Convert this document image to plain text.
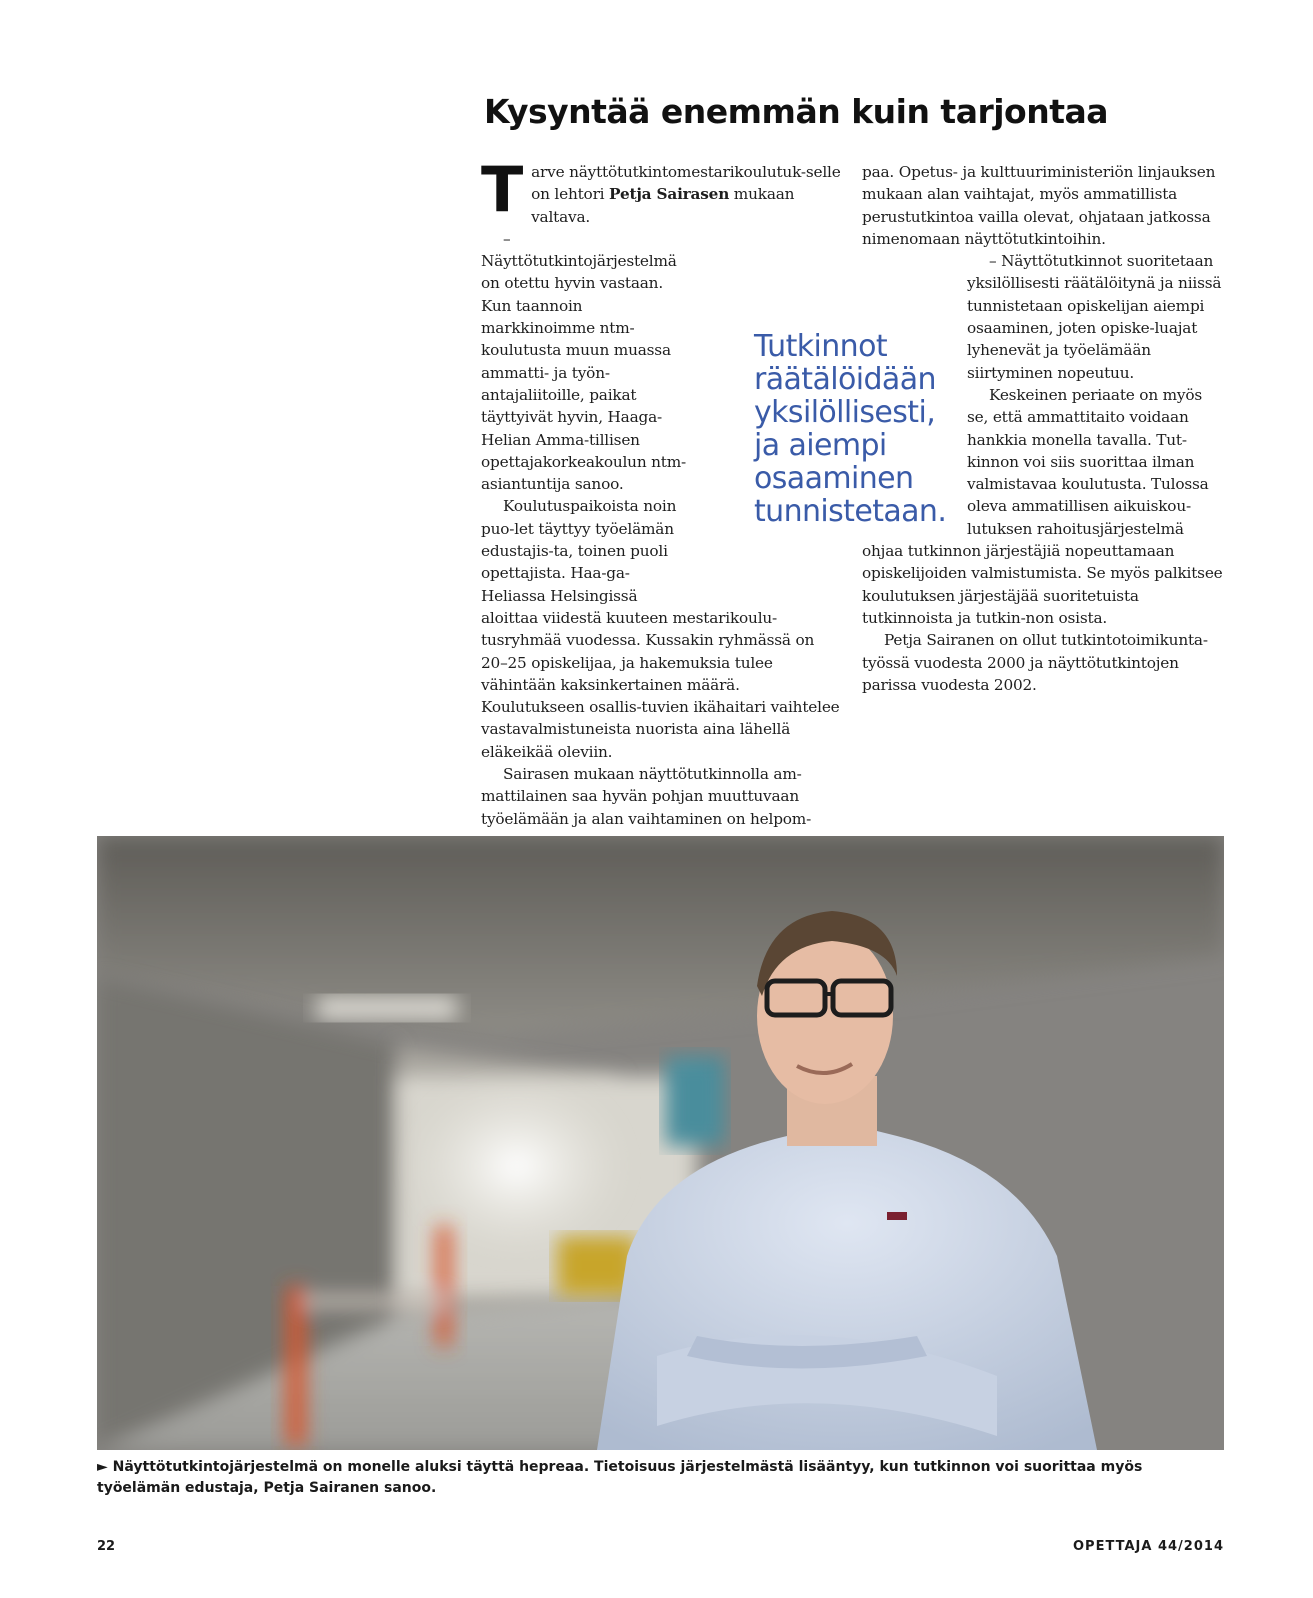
Kysyntää enemmän kuin tarjontaa

Tarve näyttötutkintomestarikoulutuk-selle on lehtori Petja Sairasen mukaan valtava.

– Näyttötutkintojärjestelmä on otettu hyvin vastaan. Kun taannoin markkinoimme ntm-koulutusta muun muassa ammatti- ja työn-antajaliitoille, paikat täyttyivät hyvin, Haaga-Helian Amma-tillisen opettajakorkeakoulun ntm-asiantuntija sanoo.

Koulutuspaikoista noin puo-let täyttyy työelämän edustajis-ta, toinen puoli opettajista. Haa-ga-Heliassa Helsingissä aloittaa viidestä kuuteen mestarikoulu-tusryhmää vuodessa. Kussakin ryhmässä on 20–25 opiskelijaa, ja hakemuksia tulee vähintään kaksinkertainen määrä. Koulutukseen osallis-tuvien ikähaitari vaihtelee vastavalmistuneista nuorista aina lähellä eläkeikää oleviin.

Sairasen mukaan näyttötutkinnolla am-mattilainen saa hyvän pohjan muuttuvaan työelämään ja alan vaihtaminen on helpom-

paa. Opetus- ja kulttuuriministeriön linjauksen mukaan alan vaihtajat, myös ammatillista perustutkintoa vailla olevat, ohjataan jatkossa nimenomaan näyttötutkintoihin.

– Näyttötutkinnot suoritetaan yksilöllisesti räätälöitynä ja niissä tunnistetaan opiskelijan aiempi osaaminen, joten opiske-luajat lyhenevät ja työelämään siirtyminen nopeutuu.

Keskeinen periaate on myös se, että ammattitaito voidaan hankkia monella tavalla. Tut-kinnon voi siis suorittaa ilman valmistavaa koulutusta. Tulossa oleva ammatillisen aikuiskou-lutuksen rahoitusjärjestelmä ohjaa tutkinnon järjestäjiä nopeuttamaan opiskelijoiden valmistumista. Se myös palkitsee koulutuksen järjestäjää suoritetuista tutkinnoista ja tutkin-non osista.

Petja Sairanen on ollut tutkintotoimikunta-työssä vuodesta 2000 ja näyttötutkintojen parissa vuodesta 2002.

Tutkinnot räätälöidään yksilöllisesti, ja aiempi osaaminen tunnistetaan.
► Näyttötutkintojärjestelmä on monelle aluksi täyttä hepreaa. Tietoisuus järjestelmästä lisääntyy, kun tutkinnon voi suorittaa myös työelämän edustaja, Petja Sairanen sanoo.
22	OPETTAJA 44/2014
